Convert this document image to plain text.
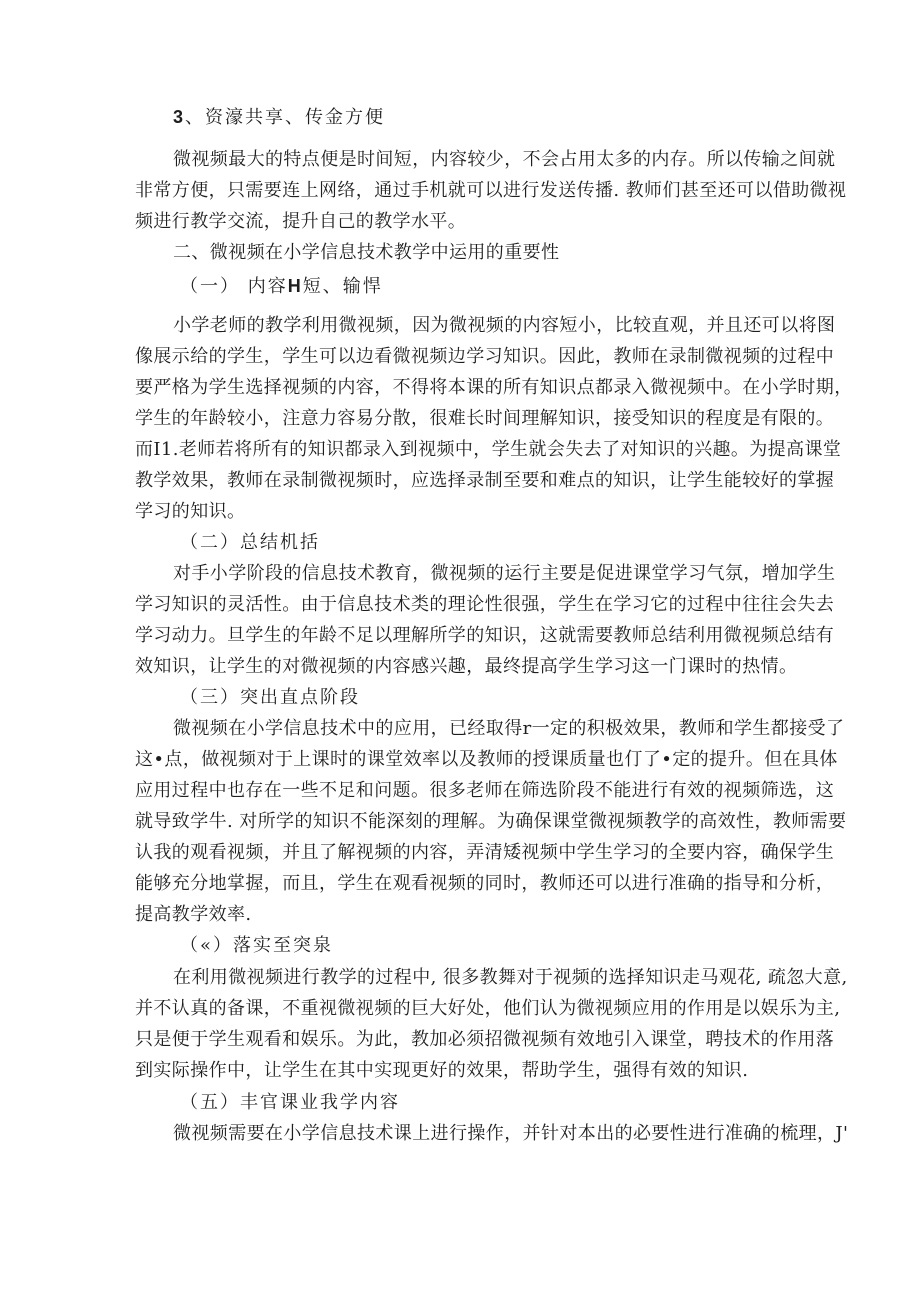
3、资濠共享、传金方便
微视频最大的特点便是时间短，内容较少，不会占用太多的内存。所以传输之间就
非常方便，只需要连上网络，通过手机就可以进行发送传播. 教师们甚至还可以借助微视
频进行教学交流，提升自己的教学水平。
二、微视频在小学信息技术教学中运用的重要性
（一） 内容H短、输悍
小学老师的教学利用微视频，因为微视频的内容短小，比较直观，并且还可以将图
像展示给的学生，学生可以边看微视频边学习知识。因此，教师在录制微视频的过程中
要严格为学生选择视频的内容，不得将本课的所有知识点都录入微视频中。在小学时期，
学生的年龄较小，注意力容易分散，很难长时间理解知识，接受知识的程度是有限的。
而I1.老师若将所有的知识都录入到视频中，学生就会失去了对知识的兴趣。为提高课堂
教学效果，教师在录制微视频时，应选择录制至要和难点的知识，让学生能较好的掌握
学习的知识。
（二）总结机括
对手小学阶段的信息技术教育，微视频的运行主要是促进课堂学习气氛，增加学生
学习知识的灵活性。由于信息技术类的理论性很强，学生在学习它的过程中往往会失去
学习动力。旦学生的年龄不足以理解所学的知识，这就需要教师总结利用微视频总结有
效知识，让学生的对微视频的内容感兴趣，最终提高学生学习这一门课时的热情。
（三）突出直点阶段
微视频在小学信息技术中的应用，已经取得r一定的积极效果，教师和学生都接受了
这•点，做视频对于上课时的课堂效率以及教师的授课质量也仃了•定的提升。但在具体
应用过程中也存在一些不足和问题。很多老师在筛选阶段不能进行有效的视频筛选，这
就导致学牛. 对所学的知识不能深刻的理解。为确保课堂微视频教学的高效性，教师需要
认我的观看视频，并且了解视频的内容，弄清矮视频中学生学习的全要内容，确保学生
能够充分地掌握，而且，学生在观看视频的同时，教师还可以进行准确的指导和分析，
提高教学效率.
（«）落实至突泉
在利用微视频进行教学的过程中, 很多教舞对于视频的选择知识走马观花, 疏忽大意,
并不认真的备课，不重视微视频的巨大好处，他们认为微视频应用的作用是以娱乐为主,
只是便于学生观看和娱乐。为此，教加必须招微视频有效地引入课堂，聘技术的作用落
到实际操作中，让学生在其中实现更好的效果，帮助学生，强得有效的知识.
（五）丰官课业我学内容
微视频需要在小学信息技术课上进行操作，并针对本出的必要性进行准确的梳理，J'
